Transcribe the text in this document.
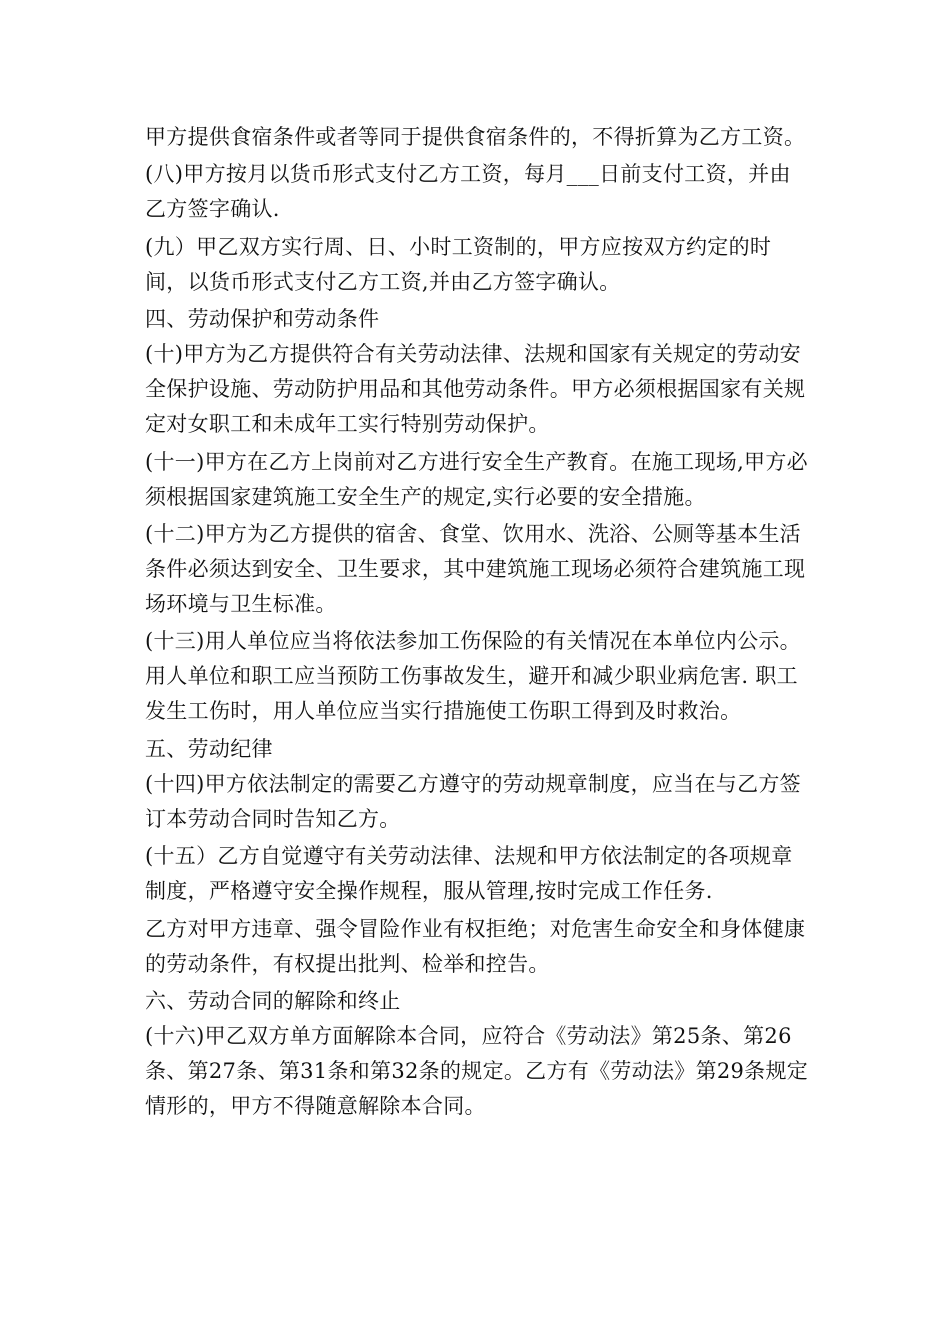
甲方提供食宿条件或者等同于提供食宿条件的，不得折算为乙方工资。

(八)甲方按月以货币形式支付乙方工资，每月___日前支付工资，并由乙方签字确认.

(九）甲乙双方实行周、日、小时工资制的，甲方应按双方约定的时间，以货币形式支付乙方工资,并由乙方签字确认。

四、劳动保护和劳动条件

(十)甲方为乙方提供符合有关劳动法律、法规和国家有关规定的劳动安全保护设施、劳动防护用品和其他劳动条件。甲方必须根据国家有关规定对女职工和未成年工实行特别劳动保护。

(十一)甲方在乙方上岗前对乙方进行安全生产教育。在施工现场,甲方必须根据国家建筑施工安全生产的规定,实行必要的安全措施。

(十二)甲方为乙方提供的宿舍、食堂、饮用水、洗浴、公厕等基本生活条件必须达到安全、卫生要求，其中建筑施工现场必须符合建筑施工现场环境与卫生标准。

(十三)用人单位应当将依法参加工伤保险的有关情况在本单位内公示。用人单位和职工应当预防工伤事故发生，避开和减少职业病危害. 职工发生工伤时，用人单位应当实行措施使工伤职工得到及时救治。

五、劳动纪律

(十四)甲方依法制定的需要乙方遵守的劳动规章制度，应当在与乙方签订本劳动合同时告知乙方。

(十五）乙方自觉遵守有关劳动法律、法规和甲方依法制定的各项规章制度，严格遵守安全操作规程，服从管理,按时完成工作任务.

乙方对甲方违章、强令冒险作业有权拒绝；对危害生命安全和身体健康的劳动条件，有权提出批判、检举和控告。

六、劳动合同的解除和终止

(十六)甲乙双方单方面解除本合同，应符合《劳动法》第25条、第26条、第27条、第31条和第32条的规定。乙方有《劳动法》第29条规定情形的，甲方不得随意解除本合同。
